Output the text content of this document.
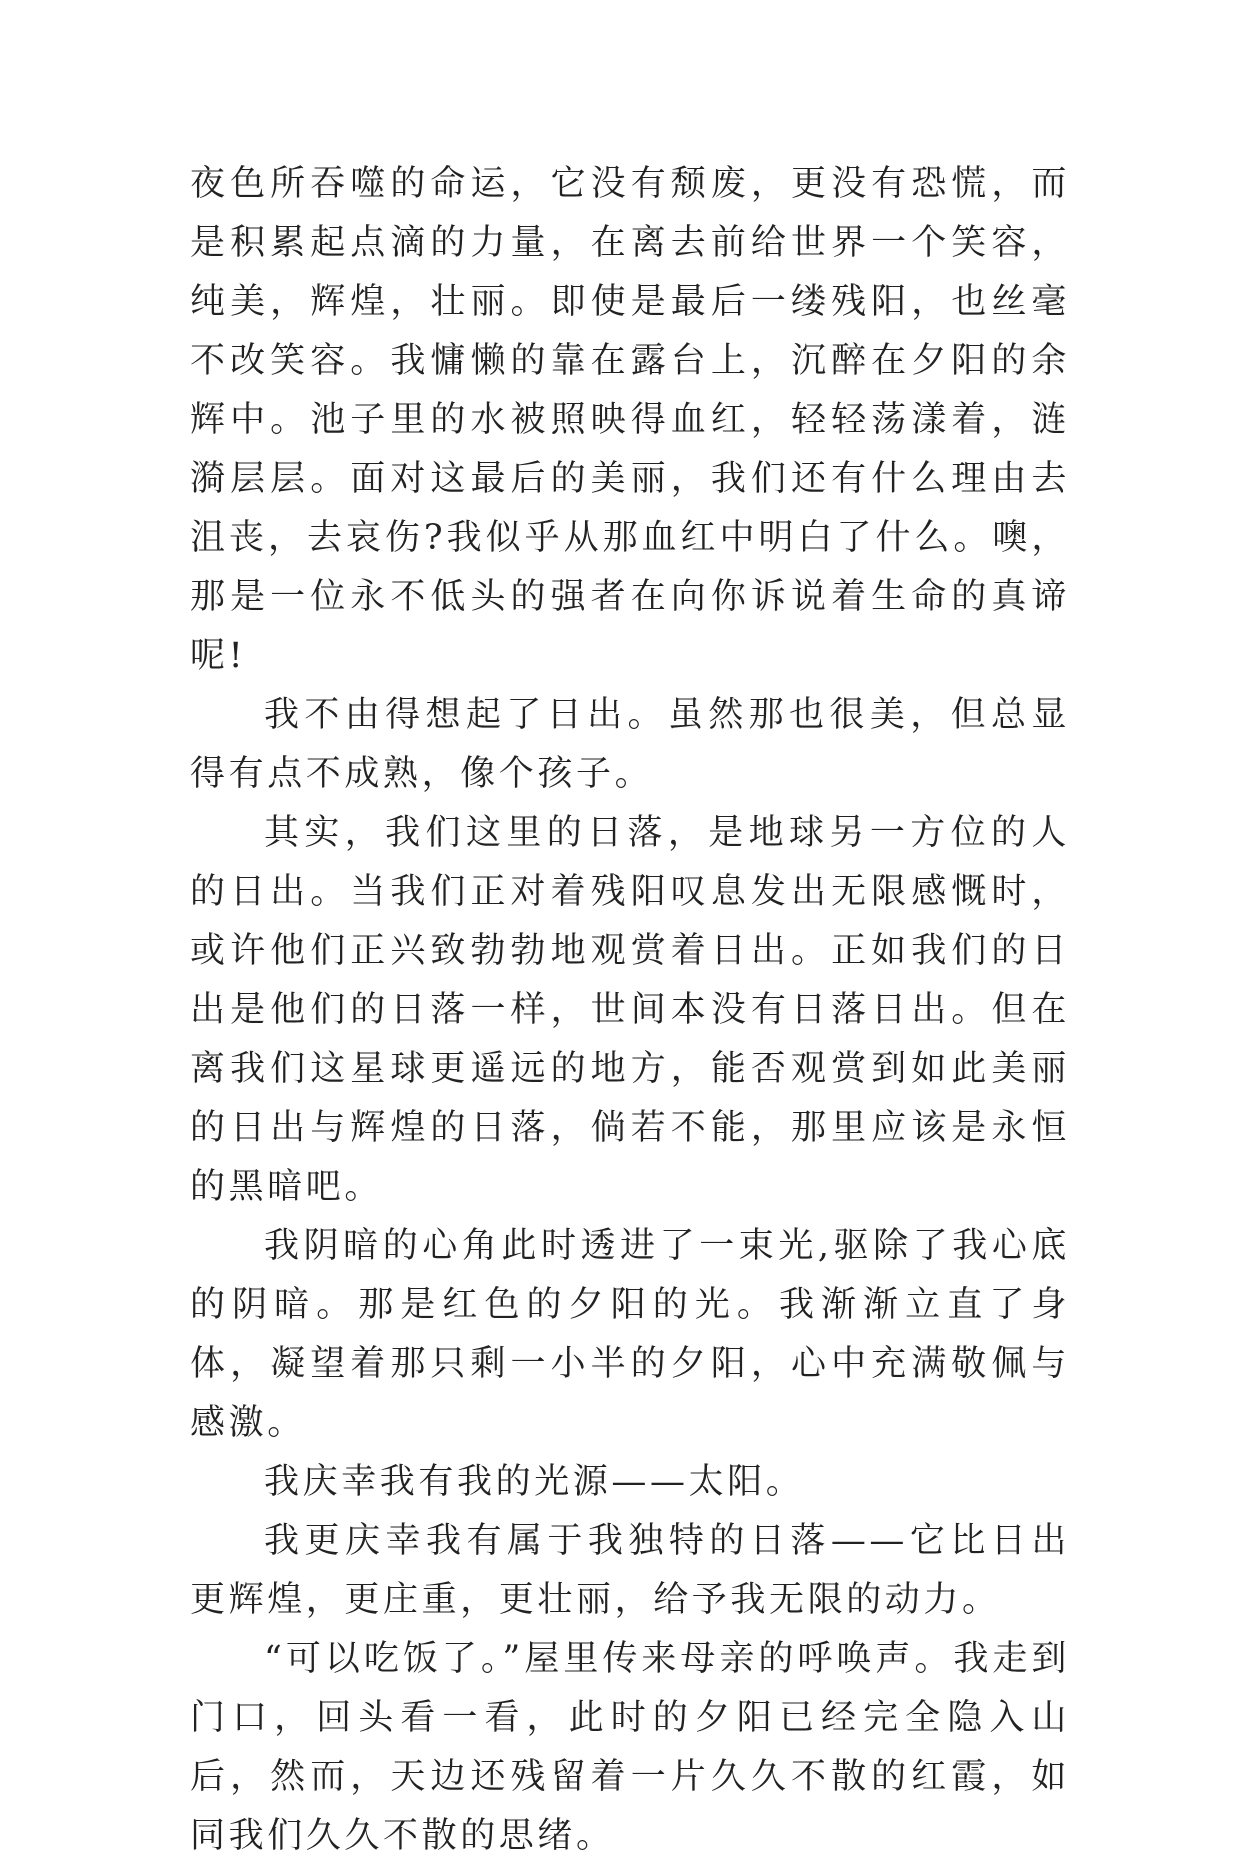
夜色所吞噬的命运，它没有颓废，更没有恐慌，而是积累起点滴的力量，在离去前给世界一个笑容，纯美，辉煌，壮丽。即使是最后一缕残阳，也丝毫不改笑容。我慵懒的靠在露台上，沉醉在夕阳的余辉中。池子里的水被照映得血红，轻轻荡漾着，涟漪层层。面对这最后的美丽，我们还有什么理由去沮丧，去哀伤?我似乎从那血红中明白了什么。噢，那是一位永不低头的强者在向你诉说着生命的真谛呢!

我不由得想起了日出。虽然那也很美，但总显得有点不成熟，像个孩子。

其实，我们这里的日落，是地球另一方位的人的日出。当我们正对着残阳叹息发出无限感慨时，或许他们正兴致勃勃地观赏着日出。正如我们的日出是他们的日落一样，世间本没有日落日出。但在离我们这星球更遥远的地方，能否观赏到如此美丽的日出与辉煌的日落，倘若不能，那里应该是永恒的黑暗吧。

我阴暗的心角此时透进了一束光,驱除了我心底的阴暗。那是红色的夕阳的光。我渐渐立直了身体，凝望着那只剩一小半的夕阳，心中充满敬佩与感激。

我庆幸我有我的光源——太阳。

我更庆幸我有属于我独特的日落——它比日出更辉煌，更庄重，更壮丽，给予我无限的动力。

“可以吃饭了。”屋里传来母亲的呼唤声。我走到门口，回头看一看，此时的夕阳已经完全隐入山后，然而，天边还残留着一片久久不散的红霞，如同我们久久不散的思绪。
